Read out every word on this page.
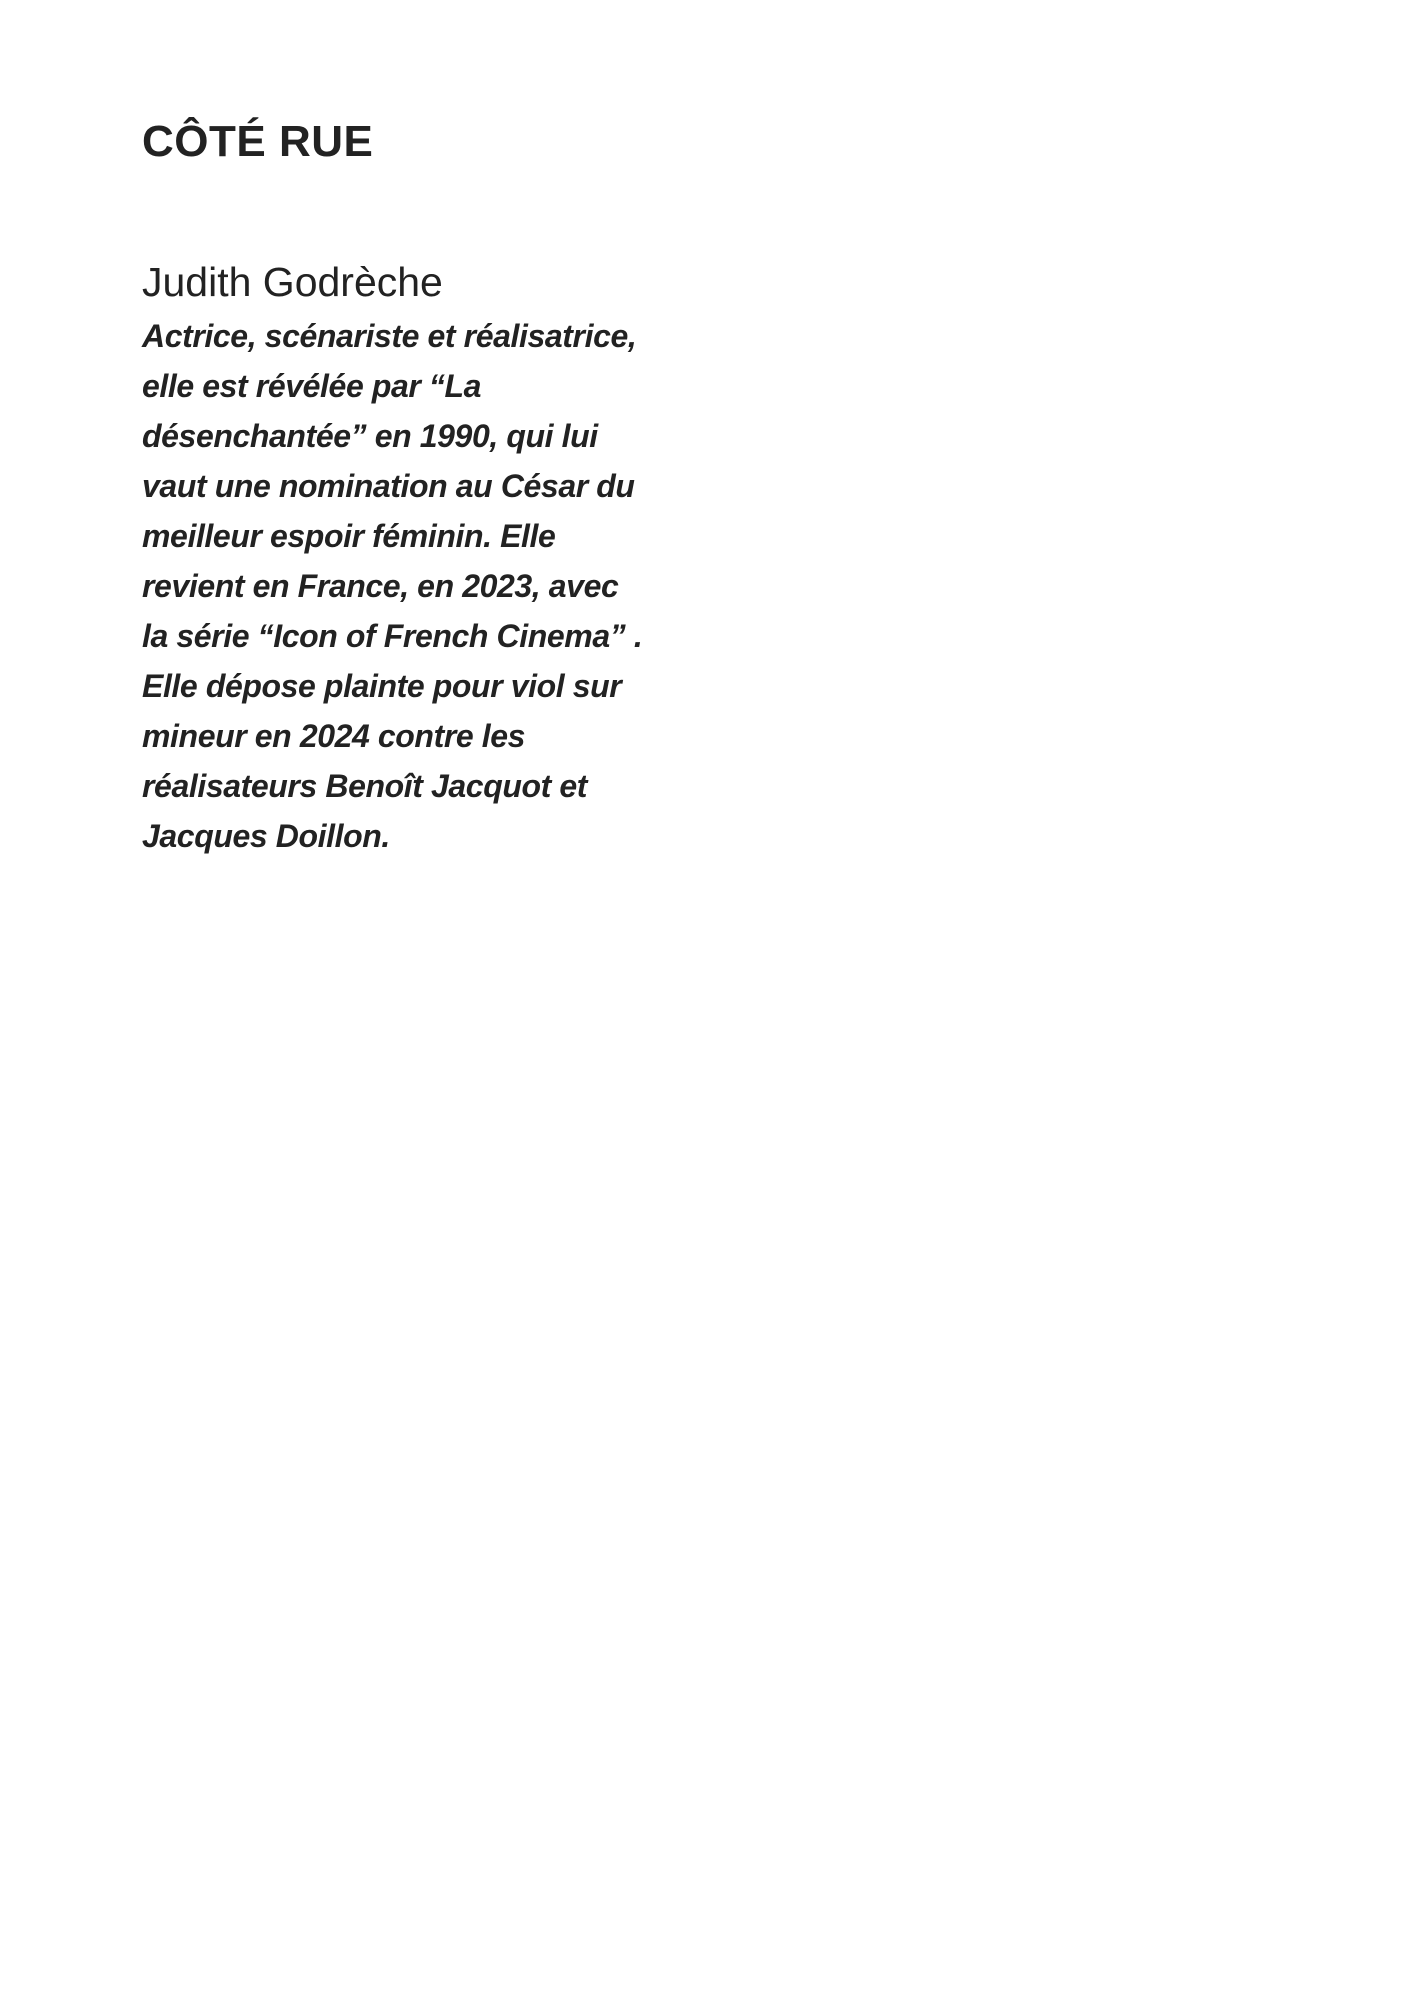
CÔTÉ RUE
Judith Godrèche
Actrice, scénariste et réalisatrice,
elle est révélée par “La
désenchantée” en 1990, qui lui
vaut une nomination au César du
meilleur espoir féminin. Elle
revient en France, en 2023, avec
la série “Icon of French Cinema” .
Elle dépose plainte pour viol sur
mineur en 2024 contre les
réalisateurs Benoît Jacquot et
Jacques Doillon.
